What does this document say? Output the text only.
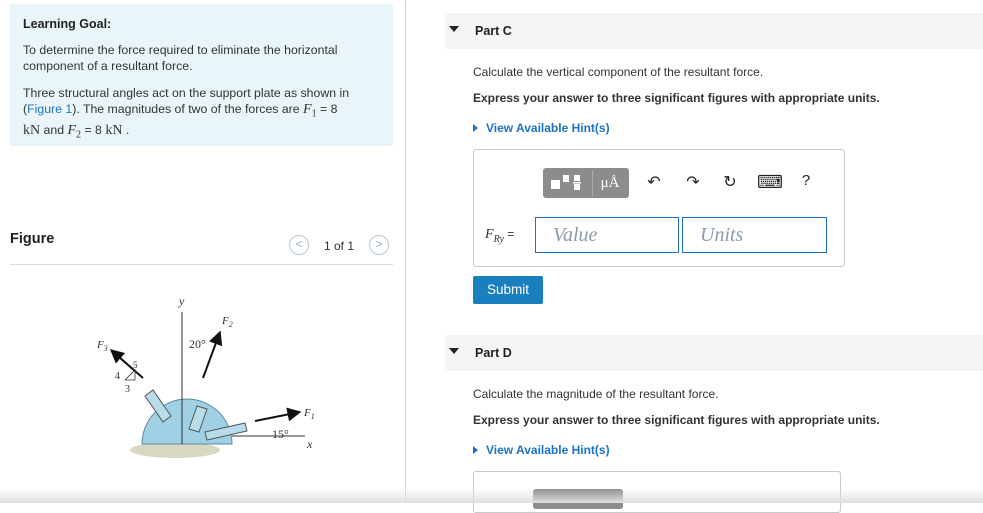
Learning Goal:
To determine the force required to eliminate the horizontal component of a resultant force.
Three structural angles act on the support plate as shown in (Figure 1). The magnitudes of two of the forces are $F_1 = 8$
kN and $F_2 = 8$ kN .
Figure	<	1 of 1	>
y
x
$F_2$
20°
$F_3$
4
5
3
$F_1$
15°
Part C
Calculate the vertical component of the resultant force.
Express your answer to three significant figures with appropriate units.
View Available Hint(s)
μÅ	↶ ↷ ↻ ⌨	?
$F_{Ry}$ =	Value	Units
Submit
Part D
Calculate the magnitude of the resultant force.
Express your answer to three significant figures with appropriate units.
View Available Hint(s)
